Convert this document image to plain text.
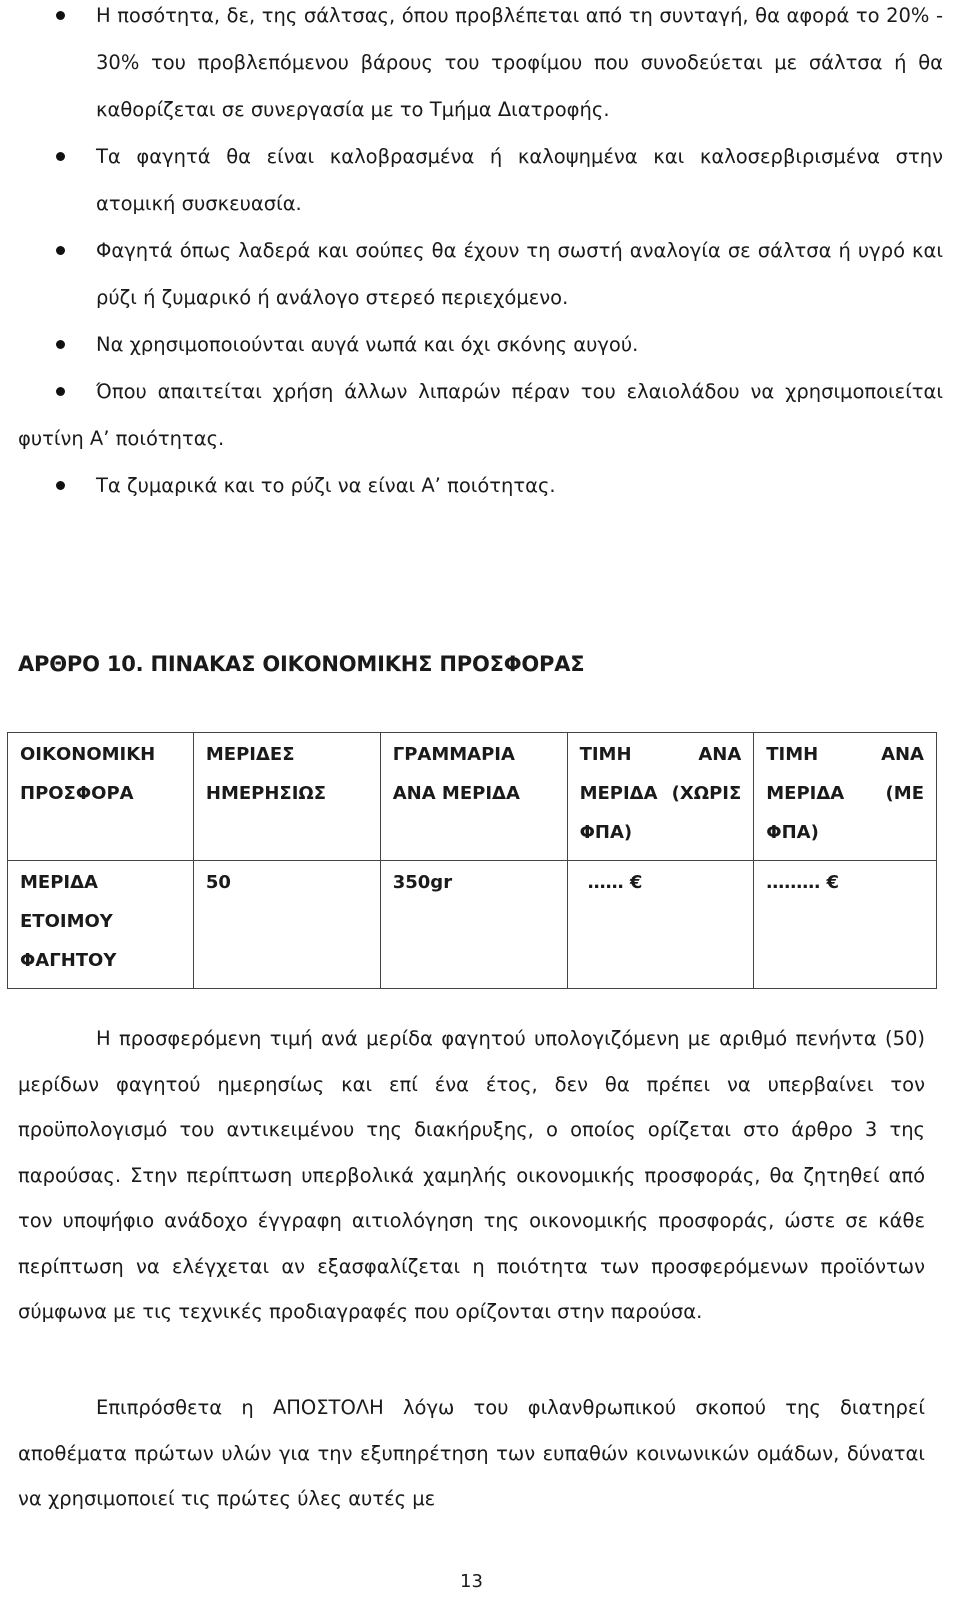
Η ποσότητα, δε, της σάλτσας, όπου προβλέπεται από τη συνταγή, θα αφορά το 20% - 30% του προβλεπόμενου βάρους του τροφίμου που συνοδεύεται με σάλτσα ή θα καθορίζεται σε συνεργασία με το Τμήμα Διατροφής.
Τα φαγητά θα είναι καλοβρασμένα ή καλοψημένα και καλοσερβιρισμένα στην ατομική συσκευασία.
Φαγητά όπως λαδερά και σούπες θα έχουν τη σωστή αναλογία σε σάλτσα ή υγρό και ρύζι ή ζυμαρικό ή ανάλογο στερεό περιεχόμενο.
Να χρησιμοποιούνται αυγά νωπά και όχι σκόνης αυγού.
Όπου απαιτείται χρήση άλλων λιπαρών πέραν του ελαιολάδου να χρησιμοποιείται φυτίνη Α’ ποιότητας.
Τα ζυμαρικά και το ρύζι να είναι Α’ ποιότητας.
ΑΡΘΡΟ 10. ΠΙΝΑΚΑΣ ΟΙΚΟΝΟΜΙΚΗΣ ΠΡΟΣΦΟΡΑΣ
ΟΙΚΟΝΟΜΙΚΗ ΠΡΟΣΦΟΡΑ	ΜΕΡΙΔΕΣ ΗΜΕΡΗΣΙΩΣ	ΓΡΑΜΜΑΡΙΑ ΑΝΑ ΜΕΡΙΔΑ	ΤΙΜΗ ΑΝΑ ΜΕΡΙΔΑ (ΧΩΡΙΣ ΦΠΑ)	ΤΙΜΗ ΑΝΑ ΜΕΡΙΔΑ (ΜΕ ΦΠΑ)

ΜΕΡΙΔΑ ΕΤΟΙΜΟΥ ΦΑΓΗΤΟΥ	50	350gr	…… €	……… €

Η προσφερόμενη τιμή ανά μερίδα φαγητού υπολογιζόμενη με αριθμό πενήντα (50) μερίδων φαγητού ημερησίως και επί ένα έτος, δεν θα πρέπει να υπερβαίνει τον προϋπολογισμό του αντικειμένου της διακήρυξης, ο οποίος ορίζεται στο άρθρο 3 της παρούσας. Στην περίπτωση υπερβολικά χαμηλής οικονομικής προσφοράς, θα ζητηθεί από τον υποψήφιο ανάδοχο έγγραφη αιτιολόγηση της οικονομικής προσφοράς, ώστε σε κάθε περίπτωση να ελέγχεται αν εξασφαλίζεται η ποιότητα των προσφερόμενων προϊόντων σύμφωνα με τις τεχνικές προδιαγραφές που ορίζονται στην παρούσα.

Επιπρόσθετα η ΑΠΟΣΤΟΛΗ λόγω του φιλανθρωπικού σκοπού της διατηρεί αποθέματα πρώτων υλών για την εξυπηρέτηση των ευπαθών κοινωνικών ομάδων, δύναται να χρησιμοποιεί τις πρώτες ύλες αυτές με

13
